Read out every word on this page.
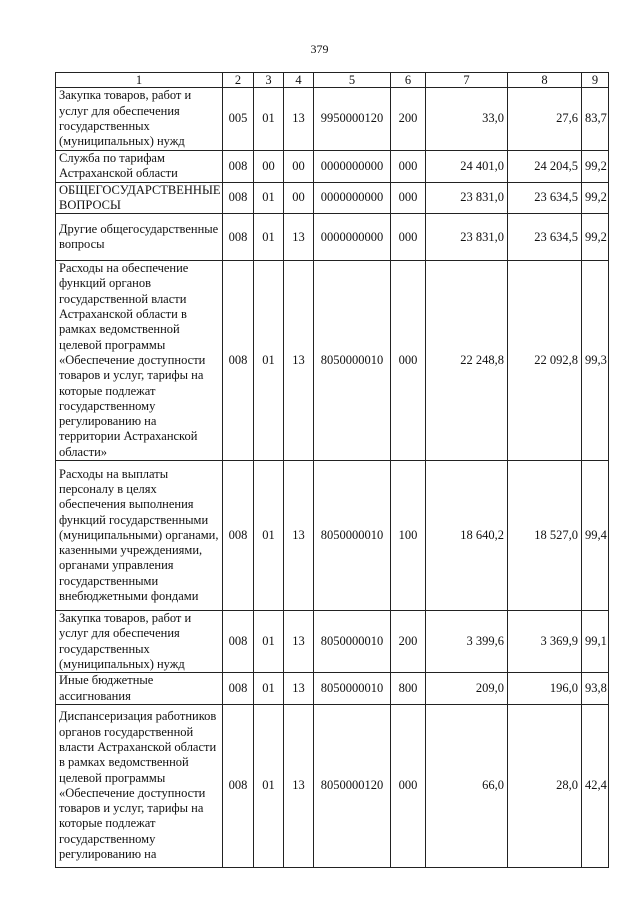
379
1	2	3	4	5	6	7	8	9
Закупка товаров, работ и услуг для обеспечения государственных (муниципальных) нужд	005	01	13	9950000120	200	33,0	27,6	83,7
Служба по тарифам Астраханской области	008	00	00	0000000000	000	24 401,0	24 204,5	99,2
ОБЩЕГОСУДАРСТВЕННЫЕ ВОПРОСЫ	008	01	00	0000000000	000	23 831,0	23 634,5	99,2
Другие общегосударственные вопросы	008	01	13	0000000000	000	23 831,0	23 634,5	99,2
Расходы на обеспечение функций органов государственной власти Астраханской области в рамках ведомственной целевой программы «Обеспечение доступности товаров и услуг, тарифы на которые подлежат государственному регулированию на территории Астраханской области»	008	01	13	8050000010	000	22 248,8	22 092,8	99,3
Расходы на выплаты персоналу в целях обеспечения выполнения функций государственными (муниципальными) органами, казенными учреждениями, органами управления государственными внебюджетными фондами	008	01	13	8050000010	100	18 640,2	18 527,0	99,4
Закупка товаров, работ и услуг для обеспечения государственных (муниципальных) нужд	008	01	13	8050000010	200	3 399,6	3 369,9	99,1
Иные бюджетные ассигнования	008	01	13	8050000010	800	209,0	196,0	93,8
Диспансеризация работников органов государственной власти Астраханской области в рамках ведомственной целевой программы «Обеспечение доступности товаров и услуг, тарифы на которые подлежат государственному регулированию на	008	01	13	8050000120	000	66,0	28,0	42,4
